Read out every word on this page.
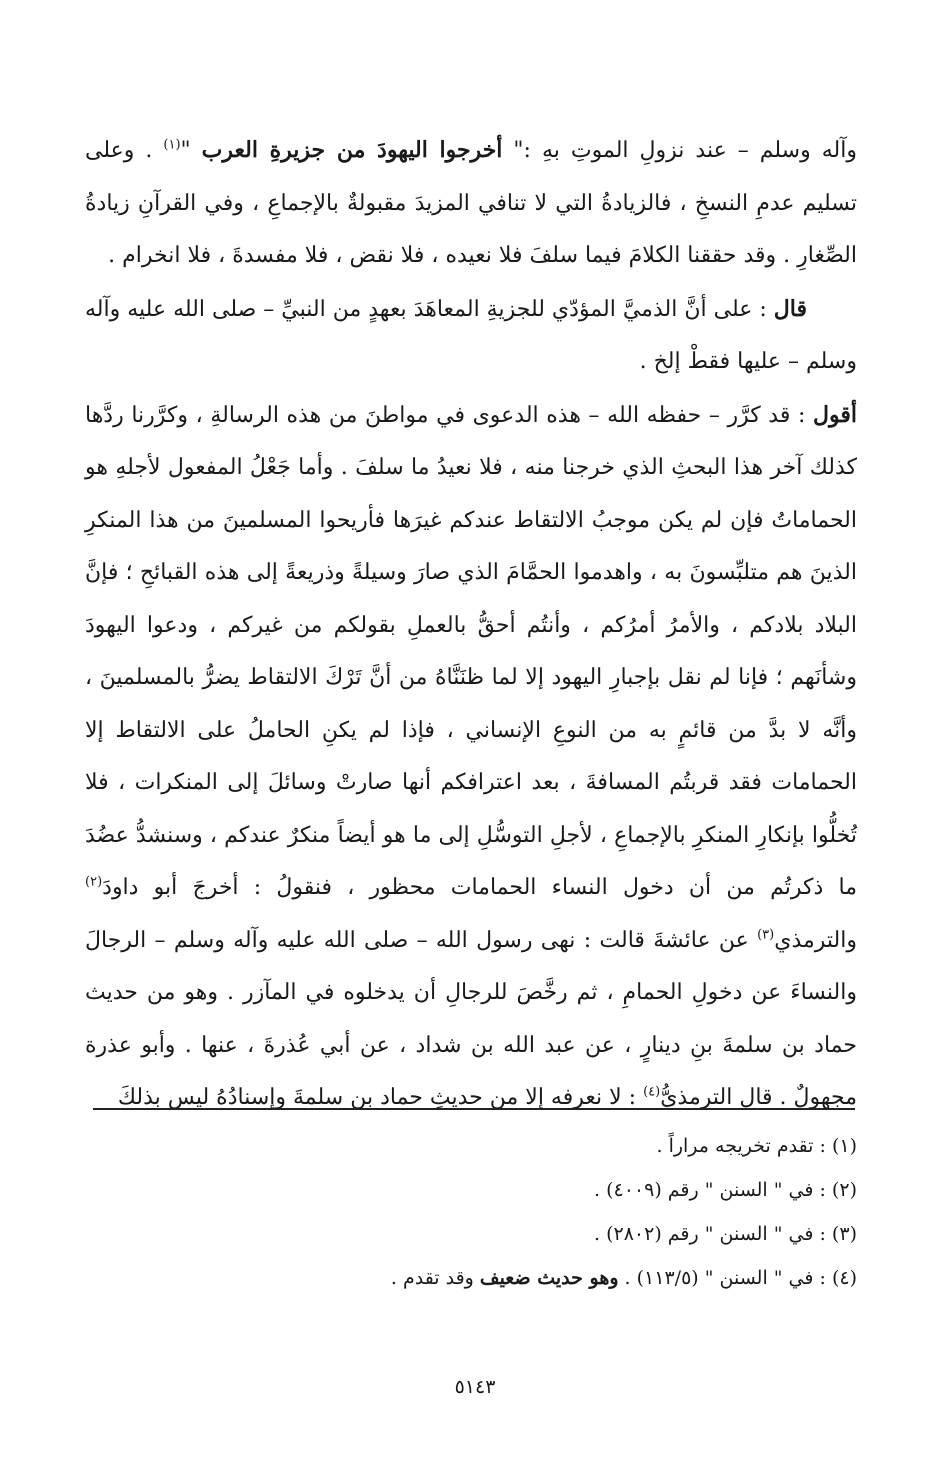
وآله وسلم – عند نزولِ الموتِ بهِ :" أخرجوا اليهودَ من جزيرةِ العرب "$^{(١)}$ . وعلى تسليم عدمِ النسخِ ، فالزيادةُ التي لا تنافي المزيدَ مقبولةٌ بالإجماعِ ، وفي القرآنِ زيادةُ الصِّغارِ . وقد حققنا الكلامَ فيما سلفَ فلا نعيده ، فلا نقض ، فلا مفسدةَ ، فلا انخرام .

قال : على أنَّ الذميَّ المؤدّي للجزيةِ المعاهَدَ بعهدٍ من النبيِّ – صلى الله عليه وآله وسلم – عليها فقطْ إلخ .

أقول : قد كرَّر – حفظه الله – هذه الدعوى في مواطنَ من هذه الرسالةِ ، وكرَّرنا ردَّها كذلك آخر هذا البحثِ الذي خرجنا منه ، فلا نعيدُ ما سلفَ . وأما جَعْلُ المفعول لأجلهِ هو الحماماتُ فإن لم يكن موجبُ الالتقاط عندكم غيرَها فأريحوا المسلمينَ من هذا المنكرِ الذينَ هم متلبِّسونَ به ، واهدموا الحمَّامَ الذي صارَ وسيلةً وذريعةً إلى هذه القبائحِ ؛ فإنَّ البلاد بلادكم ، والأمرُ أمرُكم ، وأنتُم أحقُّ بالعملِ بقولكم من غيركم ، ودعوا اليهودَ وشأنَهم ؛ فإنا لم نقل بإجبارِ اليهود إلا لما ظنَنَّاهُ من أنَّ تَرْكَ الالتقاط يضرُّ بالمسلمينَ ، وأنَّه لا بدَّ من قائمٍ به من النوعِ الإنساني ، فإذا لم يكنِ الحاملُ على الالتقاط إلا الحمامات فقد قربتُم المسافةَ ، بعد اعترافكم أنها صارتْ وسائلَ إلى المنكرات ، فلا تُخلُّوا بإنكارِ المنكرِ بالإجماعِ ، لأجلِ التوسُّلِ إلى ما هو أيضاً منكرٌ عندكم ، وسنشدُّ عضُدَ ما ذكرتُم من أن دخول النساء الحمامات محظور ، فنقولُ : أخرجَ أبو داودَ$^{(٢)}$ والترمذي$^{(٣)}$ عن عائشةَ قالت : نهى رسول الله – صلى الله عليه وآله وسلم – الرجالَ والنساءَ عن دخولِ الحمامِ ، ثم رخَّصَ للرجالِ أن يدخلوه في المآزر . وهو من حديث حماد بن سلمةَ بنِ دينارٍ ، عن عبد الله بن شداد ، عن أبي عُذرةَ ، عنها . وأبو عذرة مجهولٌ . قال الترمذيُّ$^{(٤)}$ : لا نعرفه إلا من حديثِ حماد بن سلمةَ وإسنادُهُ ليس بذلكَ

(١) : تقدم تخريجه مراراً .

(٢) : في " السنن " رقم (٤٠٠٩) .

(٣) : في " السنن " رقم (٢٨٠٢) .

(٤) : في " السنن " (١١٣/٥) . وهو حديث ضعيف وقد تقدم .

٥١٤٣
